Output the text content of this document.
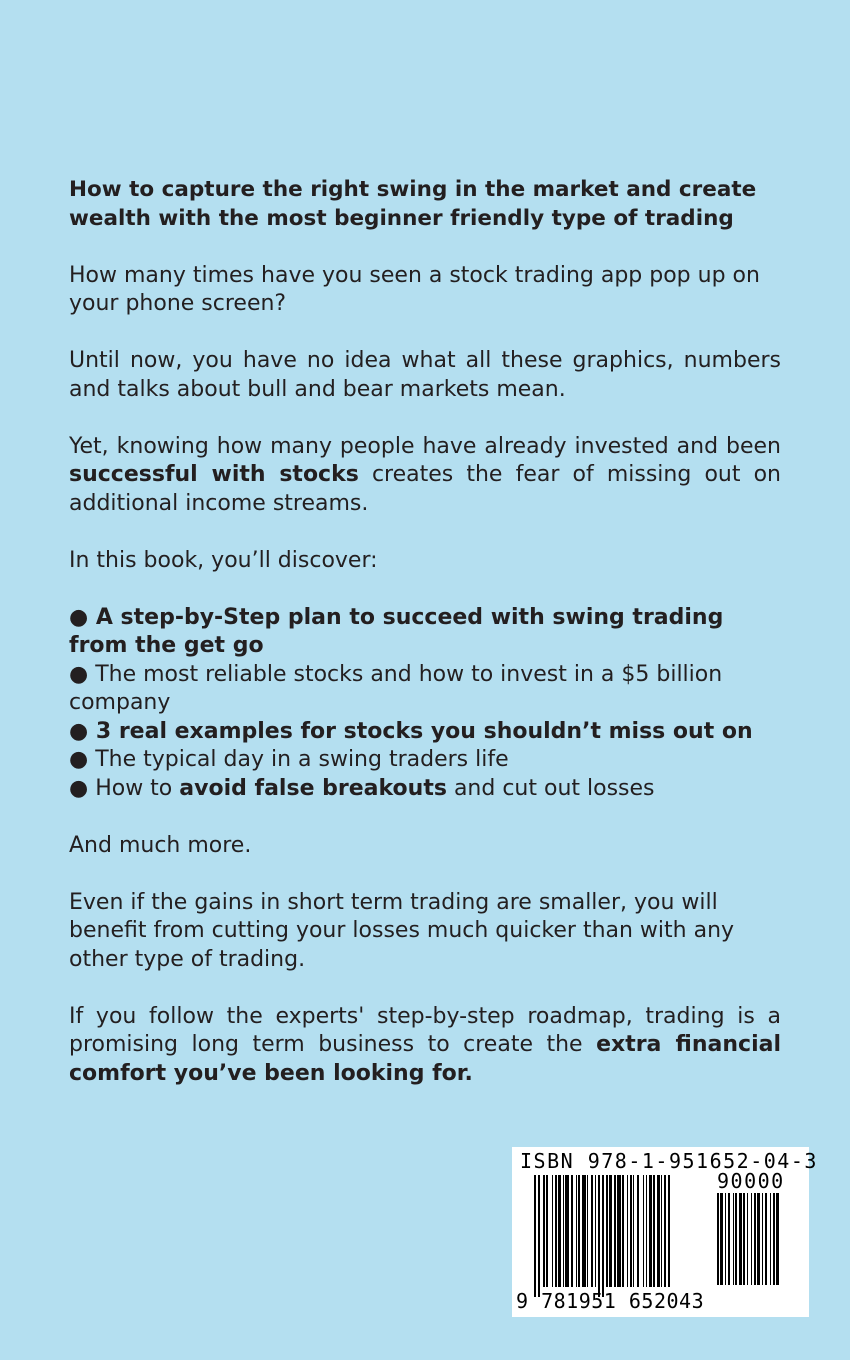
How to capture the right swing in the market and create wealth with the most beginner friendly type of trading
How many times have you seen a stock trading app pop up on your phone screen?
Until now, you have no idea what all these graphics, numbers and talks about bull and bear markets mean.
Yet, knowing how many people have already invested and been successful with stocks creates the fear of missing out on additional income streams.
In this book, you’ll discover:
● A step-by-Step plan to succeed with swing trading from the get go
● The most reliable stocks and how to invest in a $5 billion company
● 3 real examples for stocks you shouldn’t miss out on
● The typical day in a swing traders life
● How to avoid false breakouts and cut out losses
And much more.
Even if the gains in short term trading are smaller, you will benefit from cutting your losses much quicker than with any other type of trading.
If you follow the experts' step-by-step roadmap, trading is a promising long term business to create the extra financial comfort you’ve been looking for.
ISBN 978-1-951652-04-3
90000
9 781951 652043
